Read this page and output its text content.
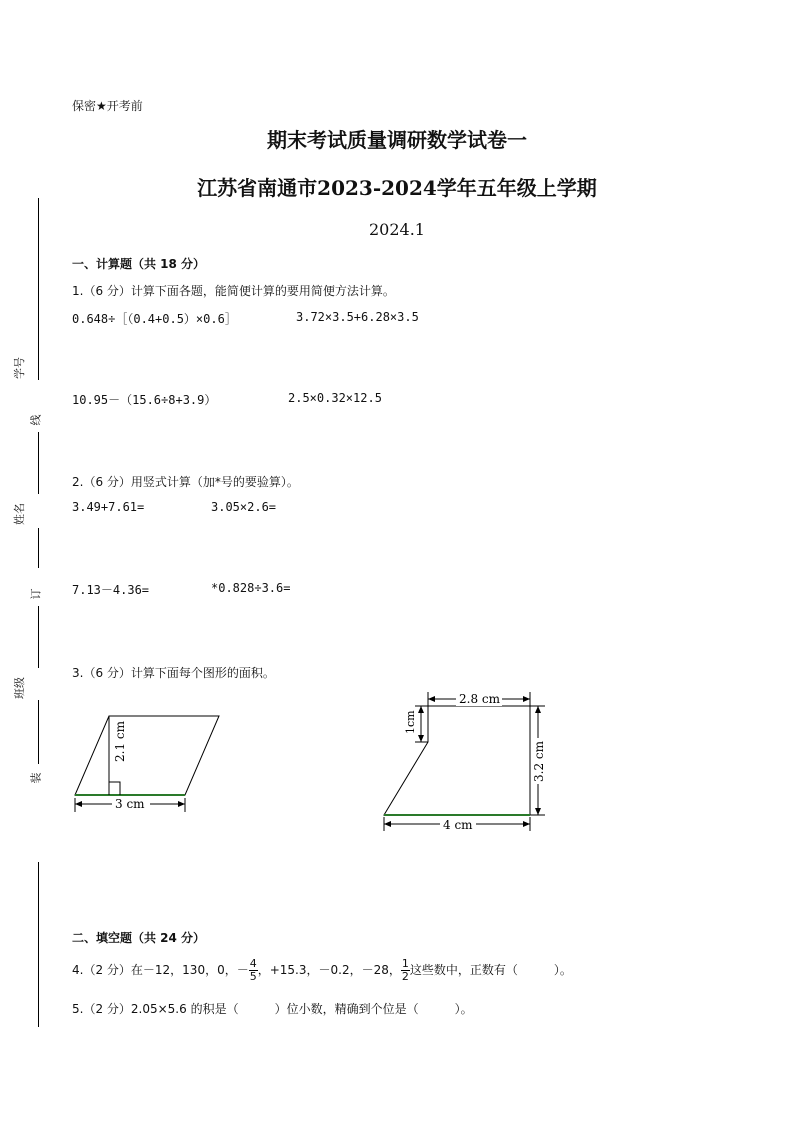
学号
线
姓名
订
班级
装
保密★开考前
期末考试质量调研数学试卷一
江苏省南通市2023-2024学年五年级上学期
2024.1
一、计算题（共 18 分）
1.（6 分）计算下面各题，能简便计算的要用简便方法计算。
0.648÷［（0.4+0.5）×0.6］	3.72×3.5+6.28×3.5
10.95－（15.6÷8+3.9）	2.5×0.32×12.5
2.（6 分）用竖式计算（加*号的要验算）。
3.49+7.61=	3.05×2.6=
7.13－4.36=	*0.828÷3.6=
3.（6 分）计算下面每个图形的面积。
2.1 cm
3 cm
2.8 cm
1cm
3.2 cm
4 cm
二、填空题（共 24 分）
4.（2 分）在－12，130，0，－ $\frac{4}{5}$ ，+15.3，－0.2，－28， $\frac{1}{2}$ 这些数中，正数有（　　　）。
5.（2 分）2.05×5.6 的积是（　　　）位小数，精确到个位是（　　　）。
